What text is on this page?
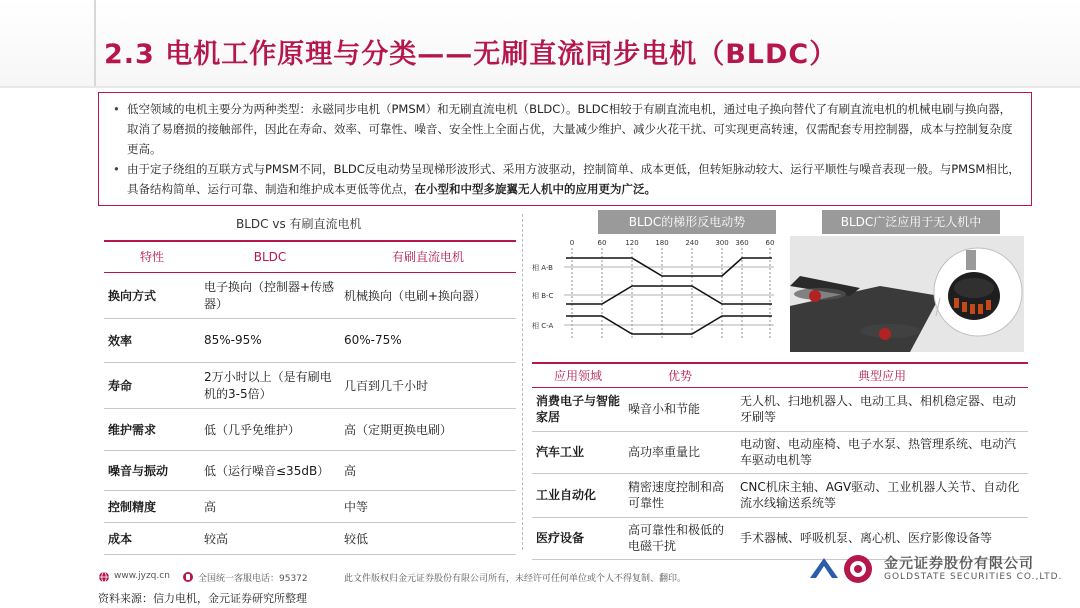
2.3 电机工作原理与分类——无刷直流同步电机（BLDC）
• 低空领域的电机主要分为两种类型：永磁同步电机（PMSM）和无刷直流电机（BLDC）。BLDC相较于有刷直流电机，通过电子换向替代了有刷直流电机的机械电刷与换向器，取消了易磨损的接触部件，因此在寿命、效率、可靠性、噪音、安全性上全面占优，大量减少维护、减少火花干扰、可实现更高转速，仅需配套专用控制器，成本与控制复杂度更高。
• 由于定子绕组的互联方式与PMSM不同，BLDC反电动势呈现梯形波形式、采用方波驱动，控制简单、成本更低，但转矩脉动较大、运行平顺性与噪音表现一般。与PMSM相比，具备结构简单、运行可靠、制造和维护成本更低等优点，在小型和中型多旋翼无人机中的应用更为广泛。
BLDC vs 有刷直流电机
特性	BLDC	有刷直流电机
换向方式	电子换向（控制器+传感器）	机械换向（电刷+换向器）
效率	85%-95%	60%-75%
寿命	2万小时以上（是有刷电机的3-5倍）	几百到几千小时
维护需求	低（几乎免维护）	高（定期更换电刷）
噪音与振动	低（运行噪音≤35dB）	高
控制精度	高	中等
成本	较高	较低
BLDC的梯形反电动势
0	60	120 180 240 300 360 60
相 A-B
相 B-C
相 C-A
BLDC广泛应用于无人机中
应用领域	优势	典型应用
消费电子与智能家居	噪音小和节能	无人机、扫地机器人、电动工具、相机稳定器、电动牙刷等
汽车工业	高功率重量比	电动窗、电动座椅、电子水泵、热管理系统、电动汽车驱动电机等
工业自动化	精密速度控制和高可靠性	CNC机床主轴、AGV驱动、工业机器人关节、自动化流水线输送系统等
医疗设备	高可靠性和极低的电磁干扰	手术器械、呼吸机泵、离心机、医疗影像设备等
www.jyzq.cn	全国统一客服电话：95372	此文件版权归金元证券股份有限公司所有，未经许可任何单位或个人不得复制、翻印。
资料来源：信力电机，金元证券研究所整理
金元证券股份有限公司
GOLDSTATE SECURITIES CO.,LTD.
